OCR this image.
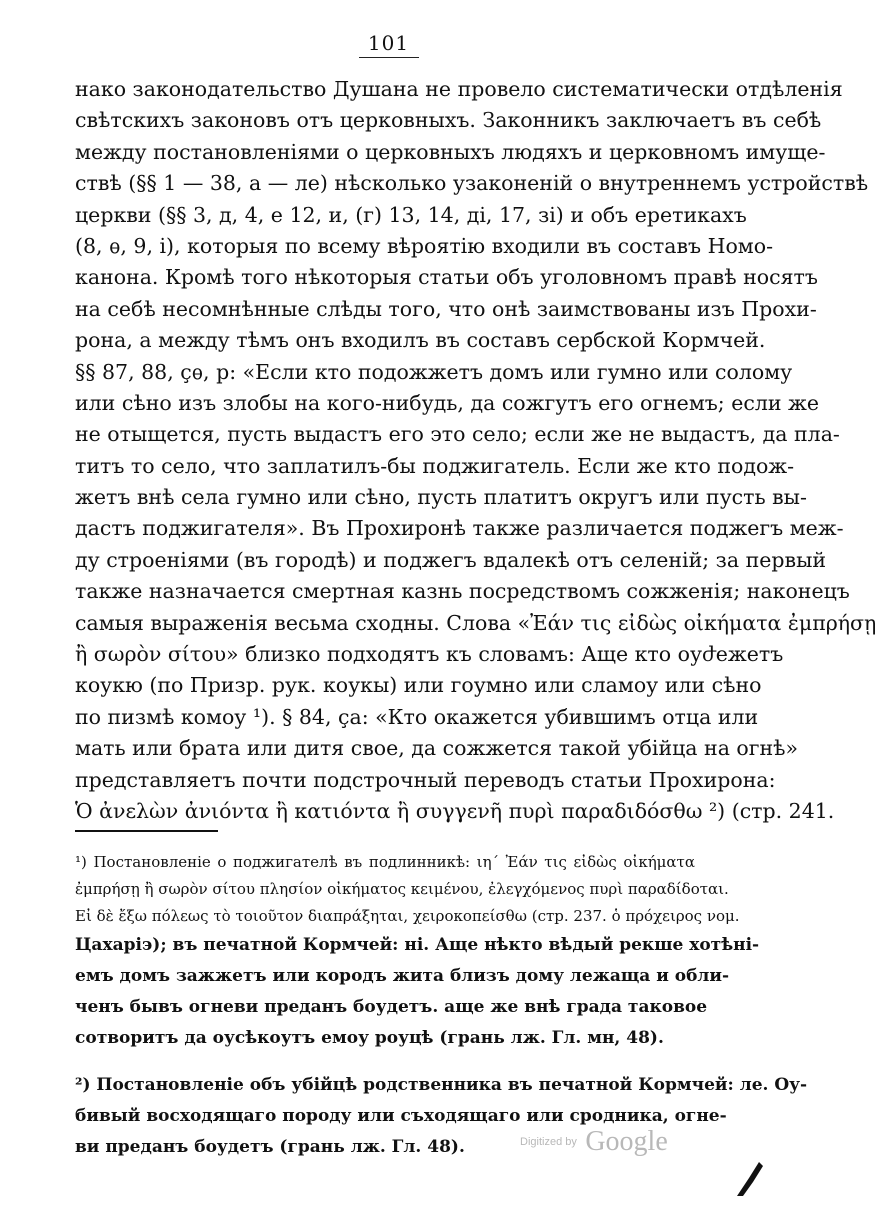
101
нако законодательство Душана не провело систематически отдѣленія
свѣтскихъ законовъ отъ церковныхъ. Законникъ заключаетъ въ себѣ
между постановленіями о церковныхъ людяхъ и церковномъ имуще-
ствѣ (§§ 1 — 38, а — ле) нѣсколько узаконеній о внутреннемъ устройствѣ
церкви (§§ 3, д, 4, е 12, и, (г) 13, 14, ді, 17, зі) и объ еретикахъ
(8, ѳ, 9, і), которыя по всему вѣроятію входили въ составъ Номо-
канона. Кромѣ того нѣкоторыя статьи объ уголовномъ правѣ носятъ
на себѣ несомнѣнные слѣды того, что онѣ заимствованы изъ Прохи-
рона, а между тѣмъ онъ входилъ въ составъ сербской Кормчей.
§§ 87, 88, ҫѳ, р: «Если кто подожжетъ домъ или гумно или солому
или сѣно изъ злобы на кого-нибудь, да сожгутъ его огнемъ; если же
не отыщется, пусть выдастъ его это село; если же не выдастъ, да пла-
титъ то село, что заплатилъ-бы поджигатель. Если же кто подож-
жетъ внѣ села гумно или сѣно, пусть платитъ округъ или пусть вы-
дастъ поджигателя». Въ Прохиронѣ также различается поджегъ меж-
ду строеніями (въ городѣ) и поджегъ вдалекѣ отъ селеній; за первый
также назначается смертная казнь посредствомъ сожженія; наконецъ
самыя выраженія весьма сходны. Слова «Ἐάν τις εἰδὼς οἰκήματα ἐμπρήσῃ
ἢ σωρὸν σίτου» близко подходятъ къ словамъ: Аще кто оуժежетъ
коукю (по Призр. рук. коукы) или гоумно или сламоу или сѣно
по пизмѣ комоу ¹). § 84, ҫа: «Кто окажется убившимъ отца или
мать или брата или дитя свое, да сожжется такой убійца на огнѣ»
представляетъ почти подстрочный переводъ статьи Прохирона:
Ὁ ἀνελὼν ἀνιόντα ἢ κατιόντα ἢ συγγενῆ πυρὶ παραδιδόσθω ²) (стр. 241.
¹) Постановленіе о поджигателѣ въ подлинникѣ: ιη΄ Ἐάν τις εἰδὼς οἰκήματα
ἐμπρήσῃ ἢ σωρὸν σίτου πλησίον οἰκήματος κειμένου, ἐλεγχόμενος πυρὶ παραδίδοται.
Εἰ δὲ ἔξω πόλεως τὸ τοιοῦτον διαπράξηται, χειροκοπείσθω (стр. 237. ὁ πρόχειρος νομ.
Цахаріэ); въ печатной Кормчей: ні. Аще нѣкто вѣдый рекше хотѣні-
емъ домъ зажжетъ или кородъ жита близъ дому лежаща и обли-
ченъ бывъ огневи преданъ боудетъ. аще же внѣ града таковое
сотворитъ да оусѣкоутъ емоу роуцѣ (грань лж. Гл. мн, 48).
²) Постановленіе объ убійцѣ родственника въ печатной Кормчей: ле. Оу-
бивый восходящаго породу или съходящаго или сродника, огне-
ви преданъ боудетъ (грань лж. Гл. 48).	Digitized by Google
